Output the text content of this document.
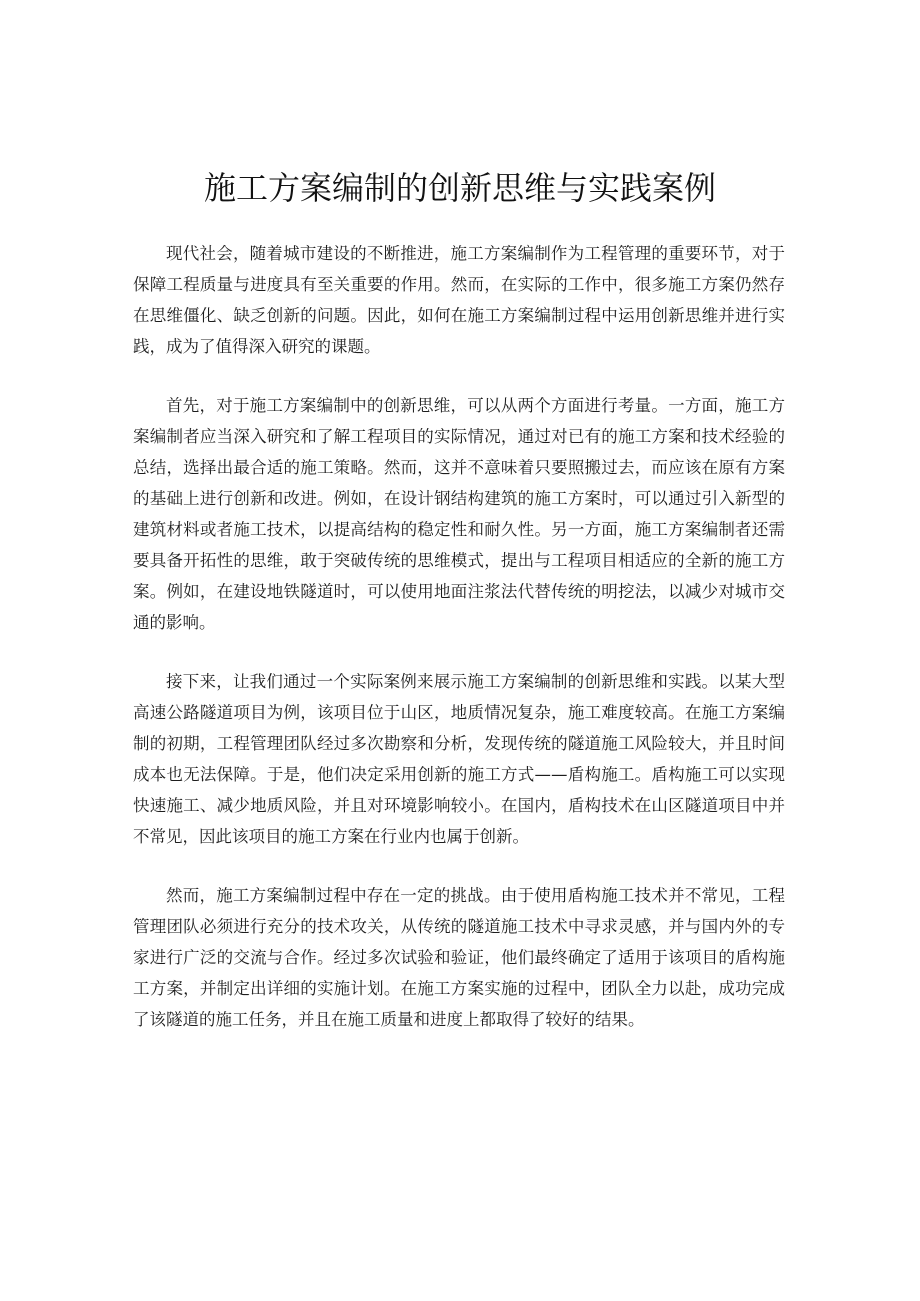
施工方案编制的创新思维与实践案例

现代社会，随着城市建设的不断推进，施工方案编制作为工程管理的重要环节，对于保障工程质量与进度具有至关重要的作用。然而，在实际的工作中，很多施工方案仍然存在思维僵化、缺乏创新的问题。因此，如何在施工方案编制过程中运用创新思维并进行实践，成为了值得深入研究的课题。

首先，对于施工方案编制中的创新思维，可以从两个方面进行考量。一方面，施工方案编制者应当深入研究和了解工程项目的实际情况，通过对已有的施工方案和技术经验的总结，选择出最合适的施工策略。然而，这并不意味着只要照搬过去，而应该在原有方案的基础上进行创新和改进。例如，在设计钢结构建筑的施工方案时，可以通过引入新型的建筑材料或者施工技术，以提高结构的稳定性和耐久性。另一方面，施工方案编制者还需要具备开拓性的思维，敢于突破传统的思维模式，提出与工程项目相适应的全新的施工方案。例如，在建设地铁隧道时，可以使用地面注浆法代替传统的明挖法，以减少对城市交通的影响。

接下来，让我们通过一个实际案例来展示施工方案编制的创新思维和实践。以某大型高速公路隧道项目为例，该项目位于山区，地质情况复杂，施工难度较高。在施工方案编制的初期，工程管理团队经过多次勘察和分析，发现传统的隧道施工风险较大，并且时间成本也无法保障。于是，他们决定采用创新的施工方式——盾构施工。盾构施工可以实现快速施工、减少地质风险，并且对环境影响较小。在国内，盾构技术在山区隧道项目中并不常见，因此该项目的施工方案在行业内也属于创新。

然而，施工方案编制过程中存在一定的挑战。由于使用盾构施工技术并不常见，工程管理团队必须进行充分的技术攻关，从传统的隧道施工技术中寻求灵感，并与国内外的专家进行广泛的交流与合作。经过多次试验和验证，他们最终确定了适用于该项目的盾构施工方案，并制定出详细的实施计划。在施工方案实施的过程中，团队全力以赴，成功完成了该隧道的施工任务，并且在施工质量和进度上都取得了较好的结果。
